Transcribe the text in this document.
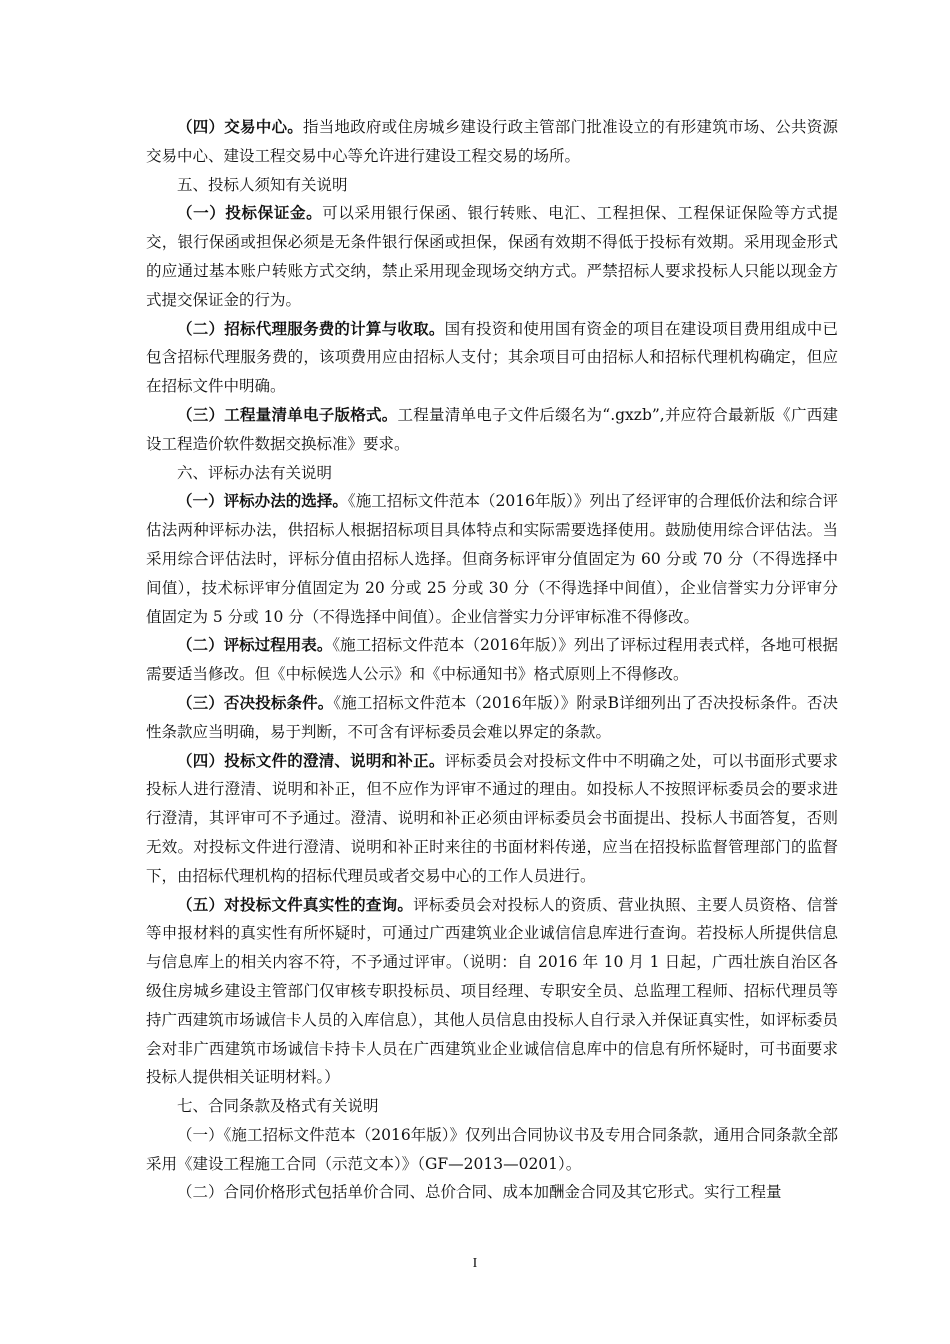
（四）交易中心。指当地政府或住房城乡建设行政主管部门批准设立的有形建筑市场、公共资源交易中心、建设工程交易中心等允许进行建设工程交易的场所。

五、投标人须知有关说明

（一）投标保证金。可以采用银行保函、银行转账、电汇、工程担保、工程保证保险等方式提交，银行保函或担保必须是无条件银行保函或担保，保函有效期不得低于投标有效期。采用现金形式的应通过基本账户转账方式交纳，禁止采用现金现场交纳方式。严禁招标人要求投标人只能以现金方式提交保证金的行为。

（二）招标代理服务费的计算与收取。国有投资和使用国有资金的项目在建设项目费用组成中已包含招标代理服务费的，该项费用应由招标人支付；其余项目可由招标人和招标代理机构确定，但应在招标文件中明确。

（三）工程量清单电子版格式。工程量清单电子文件后缀名为“.gxzb”,并应符合最新版《广西建设工程造价软件数据交换标准》要求。

六、评标办法有关说明

（一）评标办法的选择。《施工招标文件范本（2016年版）》列出了经评审的合理低价法和综合评估法两种评标办法，供招标人根据招标项目具体特点和实际需要选择使用。鼓励使用综合评估法。当采用综合评估法时，评标分值由招标人选择。但商务标评审分值固定为 60 分或 70 分（不得选择中间值），技术标评审分值固定为 20 分或 25 分或 30 分（不得选择中间值），企业信誉实力分评审分值固定为 5 分或 10 分（不得选择中间值）。企业信誉实力分评审标准不得修改。

（二）评标过程用表。《施工招标文件范本（2016年版）》列出了评标过程用表式样，各地可根据需要适当修改。但《中标候选人公示》和《中标通知书》格式原则上不得修改。

（三）否决投标条件。《施工招标文件范本（2016年版）》附录B详细列出了否决投标条件。否决性条款应当明确，易于判断，不可含有评标委员会难以界定的条款。

（四）投标文件的澄清、说明和补正。评标委员会对投标文件中不明确之处，可以书面形式要求投标人进行澄清、说明和补正，但不应作为评审不通过的理由。如投标人不按照评标委员会的要求进行澄清，其评审可不予通过。澄清、说明和补正必须由评标委员会书面提出、投标人书面答复，否则无效。对投标文件进行澄清、说明和补正时来往的书面材料传递，应当在招投标监督管理部门的监督下，由招标代理机构的招标代理员或者交易中心的工作人员进行。

（五）对投标文件真实性的查询。评标委员会对投标人的资质、营业执照、主要人员资格、信誉等申报材料的真实性有所怀疑时，可通过广西建筑业企业诚信信息库进行查询。若投标人所提供信息与信息库上的相关内容不符，不予通过评审。（说明：自 2016 年 10 月 1 日起，广西壮族自治区各级住房城乡建设主管部门仅审核专职投标员、项目经理、专职安全员、总监理工程师、招标代理员等持广西建筑市场诚信卡人员的入库信息），其他人员信息由投标人自行录入并保证真实性，如评标委员会对非广西建筑市场诚信卡持卡人员在广西建筑业企业诚信信息库中的信息有所怀疑时，可书面要求投标人提供相关证明材料。）

七、合同条款及格式有关说明

（一）《施工招标文件范本（2016年版）》仅列出合同协议书及专用合同条款，通用合同条款全部采用《建设工程施工合同（示范文本）》（GF—2013—0201）。

（二）合同价格形式包括单价合同、总价合同、成本加酬金合同及其它形式。实行工程量

I
